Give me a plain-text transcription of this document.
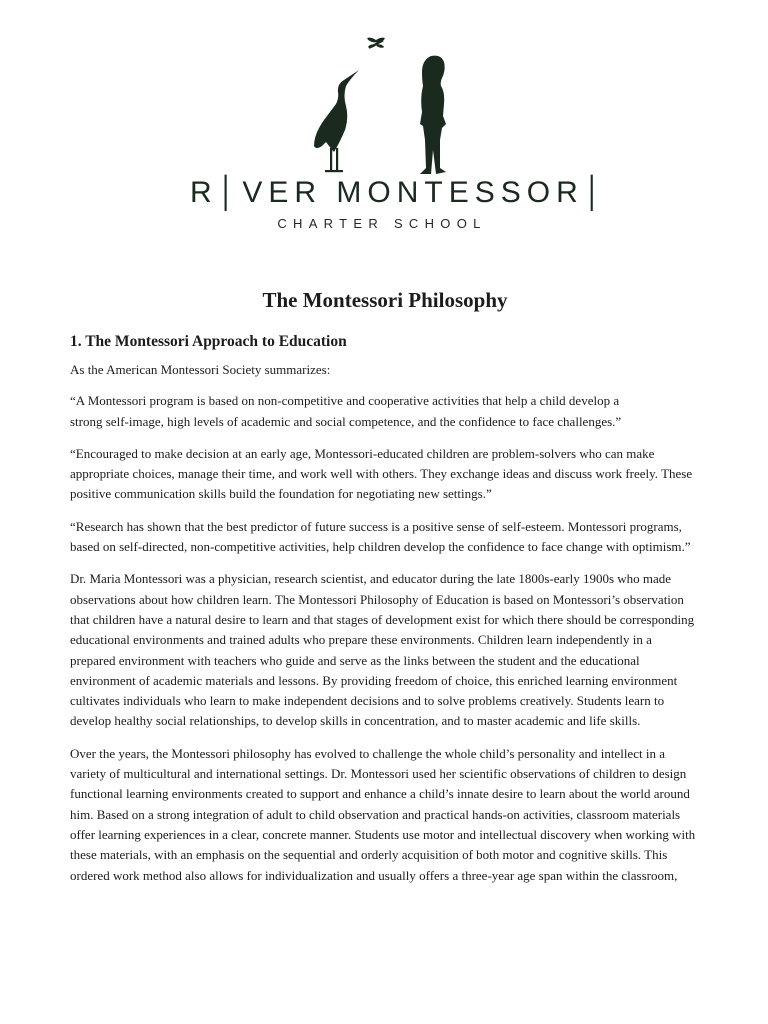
R│VER MONTESSOR│
CHARTER SCHOOL
The Montessori Philosophy
1. The Montessori Approach to Education

As the American Montessori Society summarizes:

“A Montessori program is based on non-competitive and cooperative activities that help a child develop a strong self-image, high levels of academic and social competence, and the confidence to face challenges.”

“Encouraged to make decision at an early age, Montessori-educated children are problem-solvers who can make appropriate choices, manage their time, and work well with others. They exchange ideas and discuss work freely. These positive communication skills build the foundation for negotiating new settings.”

“Research has shown that the best predictor of future success is a positive sense of self-esteem. Montessori programs, based on self-directed, non-competitive activities, help children develop the confidence to face change with optimism.”

Dr. Maria Montessori was a physician, research scientist, and educator during the late 1800s-early 1900s who made observations about how children learn. The Montessori Philosophy of Education is based on Montessori’s observation that children have a natural desire to learn and that stages of development exist for which there should be corresponding educational environments and trained adults who prepare these environments. Children learn independently in a prepared environment with teachers who guide and serve as the links between the student and the educational environment of academic materials and lessons. By providing freedom of choice, this enriched learning environment cultivates individuals who learn to make independent decisions and to solve problems creatively. Students learn to develop healthy social relationships, to develop skills in concentration, and to master academic and life skills.

Over the years, the Montessori philosophy has evolved to challenge the whole child’s personality and intellect in a variety of multicultural and international settings. Dr. Montessori used her scientific observations of children to design functional learning environments created to support and enhance a child’s innate desire to learn about the world around him. Based on a strong integration of adult to child observation and practical hands-on activities, classroom materials offer learning experiences in a clear, concrete manner. Students use motor and intellectual discovery when working with these materials, with an emphasis on the sequential and orderly acquisition of both motor and cognitive skills. This ordered work method also allows for individualization and usually offers a three-year age span within the classroom,
